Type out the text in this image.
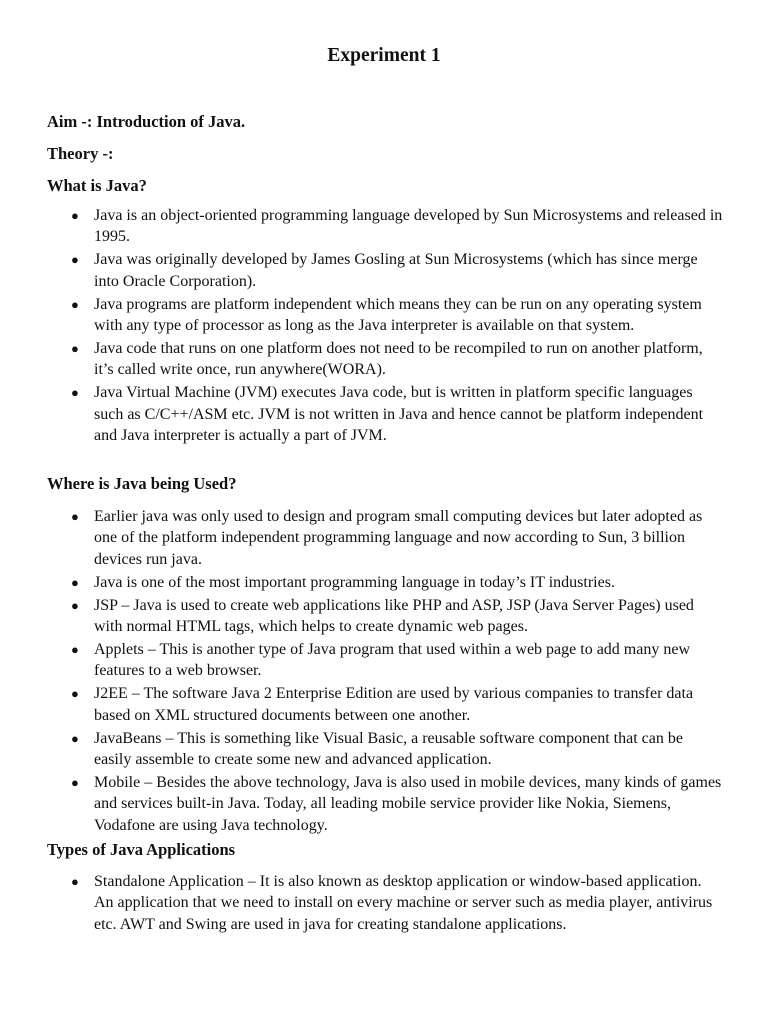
Experiment 1
Aim -: Introduction of Java.
Theory -:
What is Java?
● Java is an object-oriented programming language developed by Sun Microsystems and released in 1995.
● Java was originally developed by James Gosling at Sun Microsystems (which has since merge into Oracle Corporation).
● Java programs are platform independent which means they can be run on any operating system with any type of processor as long as the Java interpreter is available on that system.
● Java code that runs on one platform does not need to be recompiled to run on another platform, it’s called write once, run anywhere(WORA).
● Java Virtual Machine (JVM) executes Java code, but is written in platform specific languages such as C/C++/ASM etc. JVM is not written in Java and hence cannot be platform independent and Java interpreter is actually a part of JVM.
Where is Java being Used?
● Earlier java was only used to design and program small computing devices but later adopted as one of the platform independent programming language and now according to Sun, 3 billion devices run java.
● Java is one of the most important programming language in today’s IT industries.
● JSP – Java is used to create web applications like PHP and ASP, JSP (Java Server Pages) used with normal HTML tags, which helps to create dynamic web pages.
● Applets – This is another type of Java program that used within a web page to add many new features to a web browser.
● J2EE – The software Java 2 Enterprise Edition are used by various companies to transfer data based on XML structured documents between one another.
● JavaBeans – This is something like Visual Basic, a reusable software component that can be easily assemble to create some new and advanced application.
● Mobile – Besides the above technology, Java is also used in mobile devices, many kinds of games and services built-in Java. Today, all leading mobile service provider like Nokia, Siemens, Vodafone are using Java technology.
Types of Java Applications
● Standalone Application – It is also known as desktop application or window-based application. An application that we need to install on every machine or server such as media player, antivirus etc. AWT and Swing are used in java for creating standalone applications.
